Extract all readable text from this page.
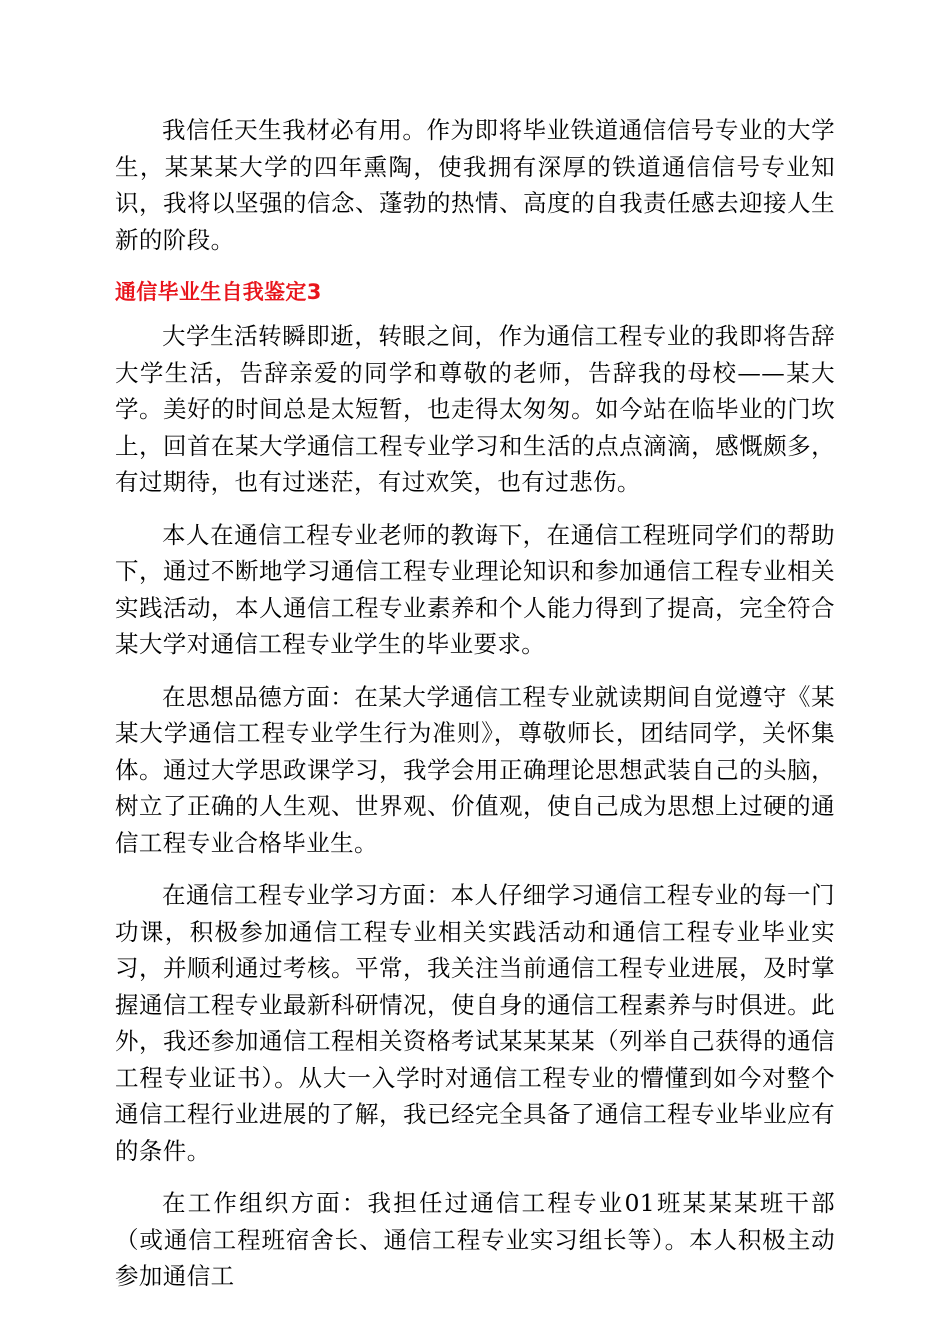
我信任天生我材必有用。作为即将毕业铁道通信信号专业的大学生，某某某大学的四年熏陶，使我拥有深厚的铁道通信信号专业知识，我将以坚强的信念、蓬勃的热情、高度的自我责任感去迎接人生新的阶段。

通信毕业生自我鉴定3

大学生活转瞬即逝，转眼之间，作为通信工程专业的我即将告辞大学生活，告辞亲爱的同学和尊敬的老师，告辞我的母校——某大学。美好的时间总是太短暂，也走得太匆匆。如今站在临毕业的门坎上，回首在某大学通信工程专业学习和生活的点点滴滴，感慨颇多，有过期待，也有过迷茫，有过欢笑，也有过悲伤。

本人在通信工程专业老师的教诲下，在通信工程班同学们的帮助下，通过不断地学习通信工程专业理论知识和参加通信工程专业相关实践活动，本人通信工程专业素养和个人能力得到了提高，完全符合某大学对通信工程专业学生的毕业要求。

在思想品德方面：在某大学通信工程专业就读期间自觉遵守《某某大学通信工程专业学生行为准则》，尊敬师长，团结同学，关怀集体。通过大学思政课学习，我学会用正确理论思想武装自己的头脑，树立了正确的人生观、世界观、价值观，使自己成为思想上过硬的通信工程专业合格毕业生。

在通信工程专业学习方面：本人仔细学习通信工程专业的每一门功课，积极参加通信工程专业相关实践活动和通信工程专业毕业实习，并顺利通过考核。平常，我关注当前通信工程专业进展，及时掌握通信工程专业最新科研情况，使自身的通信工程素养与时俱进。此外，我还参加通信工程相关资格考试某某某某（列举自己获得的通信工程专业证书）。从大一入学时对通信工程专业的懵懂到如今对整个通信工程行业进展的了解，我已经完全具备了通信工程专业毕业应有的条件。

在工作组织方面：我担任过通信工程专业01班某某某班干部（或通信工程班宿舍长、通信工程专业实习组长等）。本人积极主动参加通信工
